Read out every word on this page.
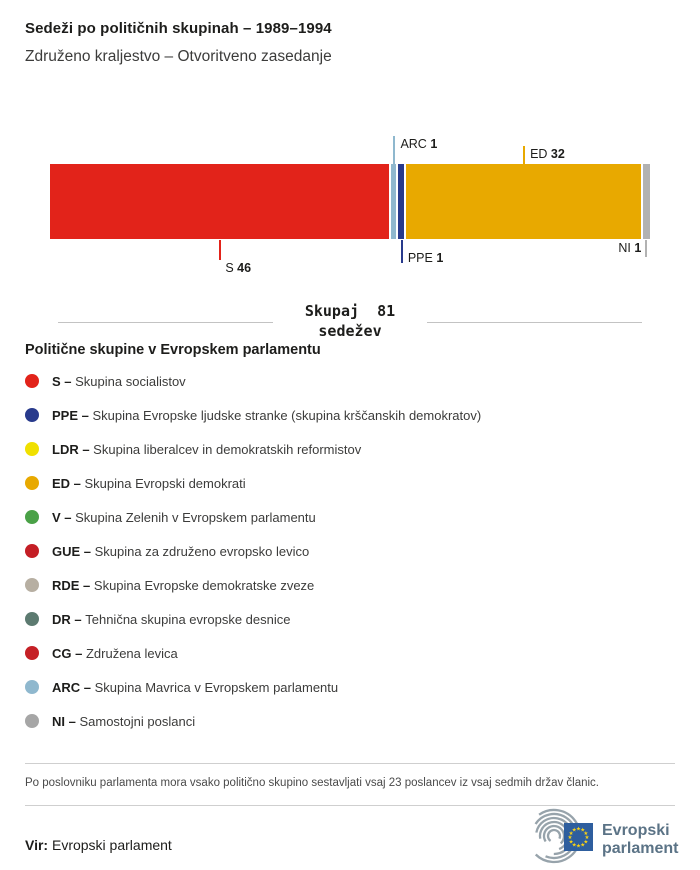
Sedeži po političnih skupinah – 1989–1994
Združeno kraljestvo – Otvoritveno zasedanje
S 46
ARC 1
PPE 1
ED 32
NI 1
Skupaj  81
sedežev
Politične skupine v Evropskem parlamentu
S – Skupina socialistov
PPE – Skupina Evropske ljudske stranke (skupina krščanskih demokratov)
LDR – Skupina liberalcev in demokratskih reformistov
ED – Skupina Evropski demokrati
V – Skupina Zelenih v Evropskem parlamentu
GUE – Skupina za združeno evropsko levico
RDE – Skupina Evropske demokratske zveze
DR – Tehnična skupina evropske desnice
CG – Združena levica
ARC – Skupina Mavrica v Evropskem parlamentu
NI – Samostojni poslanci
Po poslovniku parlamenta mora vsako politično skupino sestavljati vsaj 23 poslancev iz vsaj sedmih držav članic.
Vir: Evropski parlament
★ ★
★
★
★
★
★
★
★
★
★
★ Evropski
parlament
